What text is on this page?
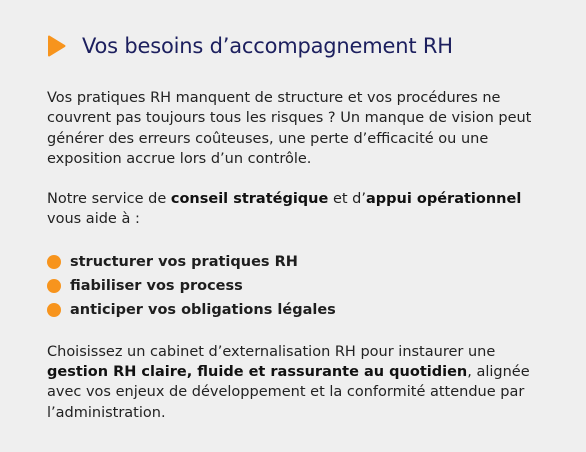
Vos besoins d’accompagnement RH

Vos pratiques RH manquent de structure et vos procédures ne couvrent pas toujours tous les risques ? Un manque de vision peut générer des erreurs coûteuses, une perte d’efficacité ou une exposition accrue lors d’un contrôle.

Notre service de conseil stratégique et d’appui opérationnel vous aide à :

structurer vos pratiques RH
fiabiliser vos process
anticiper vos obligations légales

Choisissez un cabinet d’externalisation RH pour instaurer une gestion RH claire, fluide et rassurante au quotidien, alignée avec vos enjeux de développement et la conformité attendue par l’administration.
